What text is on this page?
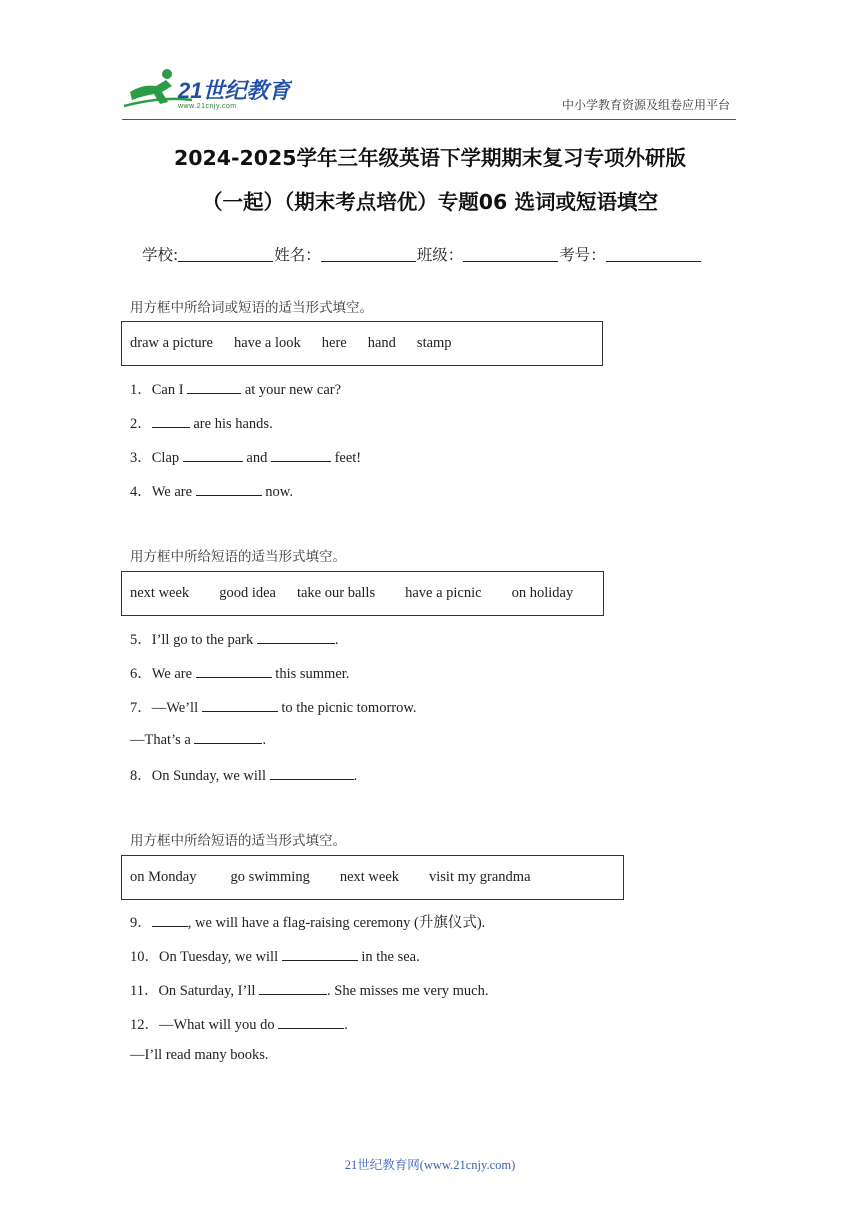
21世纪教育
www.21cnjy.com	中小学教育资源及组卷应用平台
2024-2025学年三年级英语下学期期末复习专项外研版
（一起）（期末考点培优）专题06 选词或短语填空
学校:	姓名：	班级：	考号：
用方框中所给词或短语的适当形式填空。
draw a picture have a look here hand stamp
1．Can I	at your new car?
2．	are his hands.
3．Clap	and	feet!
4．We are	now.
用方框中所给短语的适当形式填空。
next week good idea take our balls have a picnic on holiday
5．I’ll go to the park	.
6．We are	this summer.
7．—We’ll	to the picnic tomorrow.
—That’s a	.
8．On Sunday, we will	.
用方框中所给短语的适当形式填空。
on Monday go swimming next week visit my grandma
9． , we will have a flag-raising ceremony (升旗仪式).
10．On Tuesday, we will	in the sea.
11．On Saturday, I’ll	. She misses me very much.
12．—What will you do	.
—I’ll read many books.
21世纪教育网(www.21cnjy.com)
